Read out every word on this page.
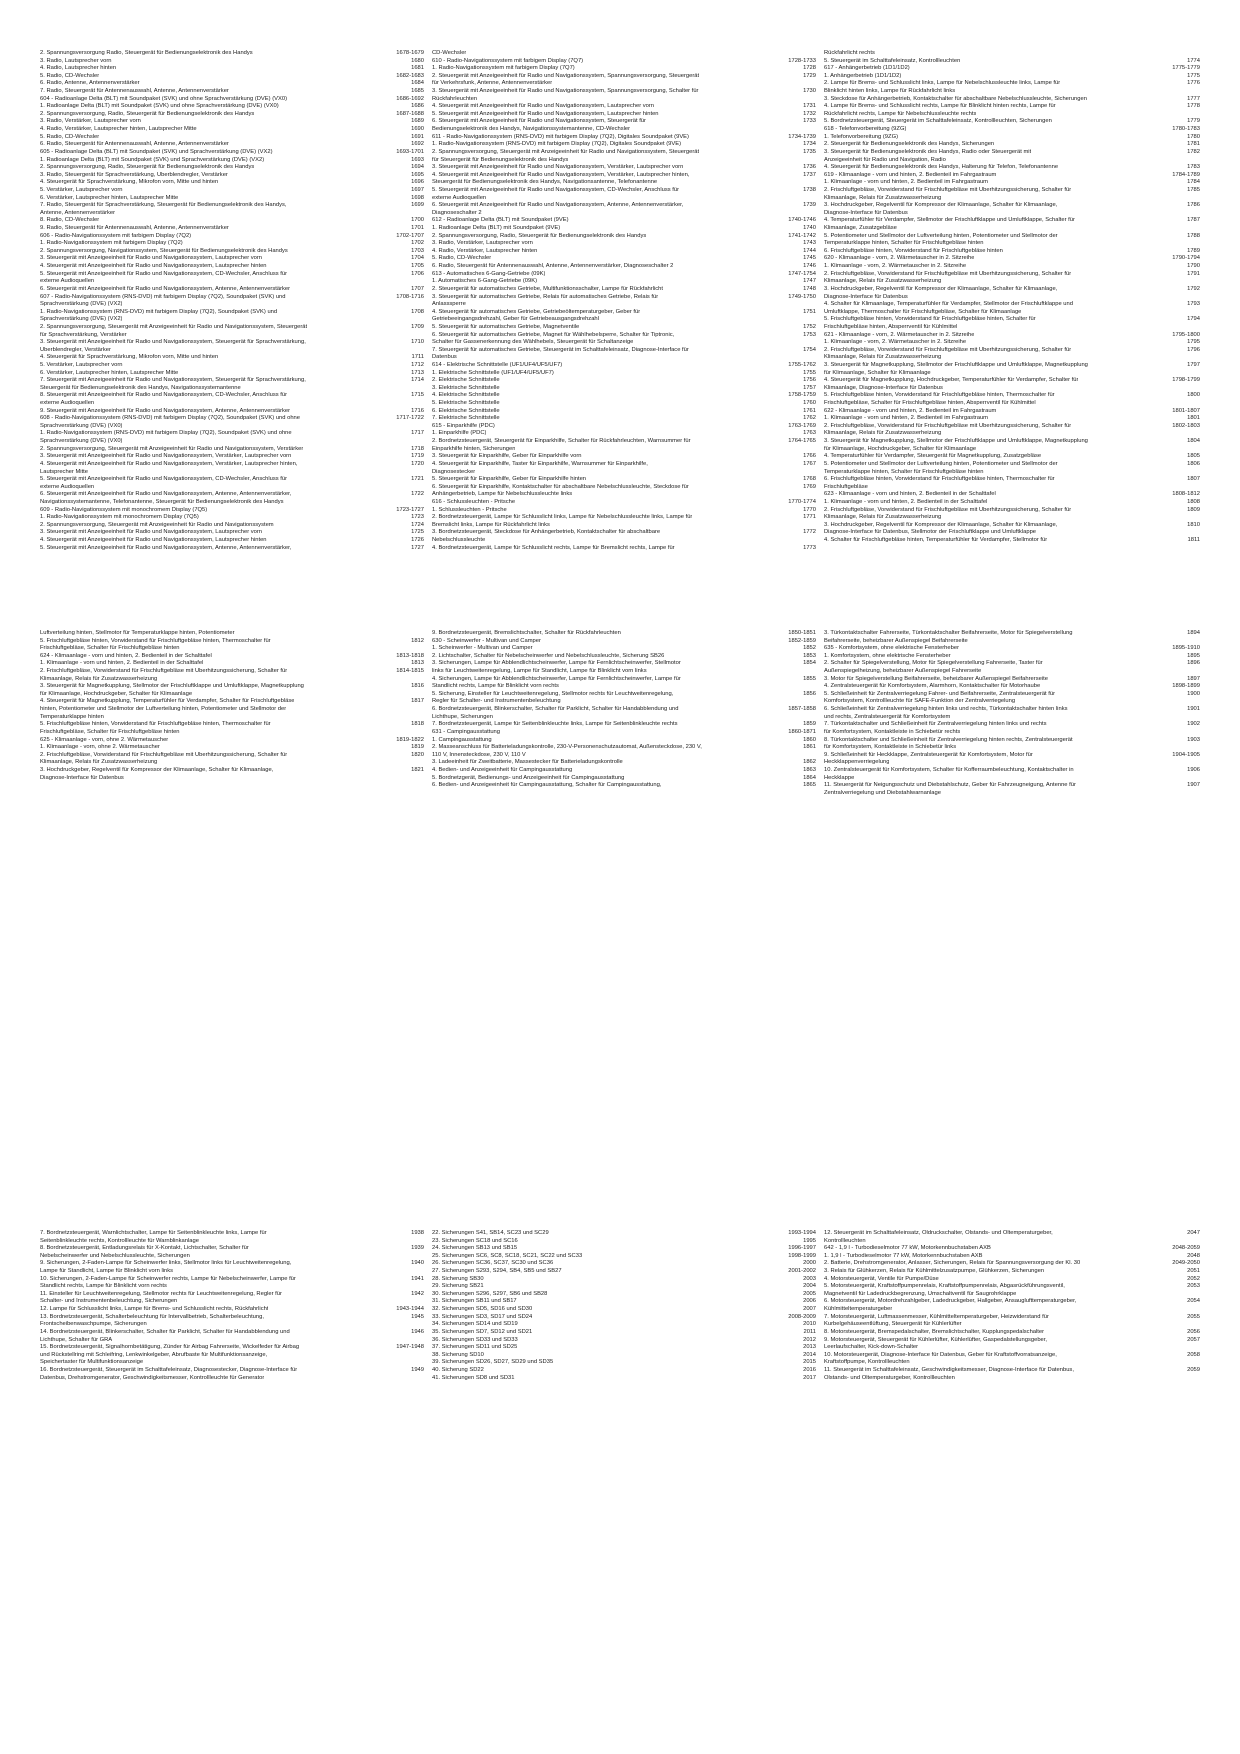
2. Spannungsversorgung Radio, Steuergerät für Bedienungselektronik des Handys	1678-1679
3. Radio, Lautsprecher vorn	1680
4. Radio, Lautsprecher hinten	1681
5. Radio, CD-Wechsler	1682-1683
6. Radio, Antenne, Antennenverstärker	1684
7. Radio, Steuergerät für Antennenauswahl, Antenne, Antennenverstärker	1685
604 - Radioanlage Delta (BLT) mit Soundpaket (SVK) und ohne Sprachverstärkung (DVE) (VX0)	1686-1692
1. Radioanlage Delta (BLT) mit Soundpaket (SVK) und ohne Sprachverstärkung (DVE) (VX0)	1686
2. Spannungsversorgung, Radio, Steuergerät für Bedienungselektronik des Handys	1687-1688
3. Radio, Verstärker, Lautsprecher vorn	1689
4. Radio, Verstärker, Lautsprecher hinten, Lautsprecher Mitte	1690
5. Radio, CD-Wechsler	1691
6. Radio, Steuergerät für Antennenauswahl, Antenne, Antennenverstärker	1692
605 - Radioanlage Delta (BLT) mit Soundpaket (SVK) und Sprachverstärkung (DVE) (VX2)	1693-1701
1. Radioanlage Delta (BLT) mit Soundpaket (SVK) und Sprachverstärkung (DVE) (VX2)	1693
2. Spannungsversorgung, Radio, Steuergerät für Bedienungselektronik des Handys	1694
3. Radio, Steuergerät für Sprachverstärkung, Überblendregler, Verstärker	1695
4. Steuergerät für Sprachverstärkung, Mikrofon vorn, Mitte und hinten	1696
5. Verstärker, Lautsprecher vorn	1697
6. Verstärker, Lautsprecher hinten, Lautsprecher Mitte	1698
7. Radio, Steuergerät für Sprachverstärkung, Steuergerät für Bedienungselektronik des Handys,	1699
Antenne, Antennenverstärker
8. Radio, CD-Wechsler	1700
9. Radio, Steuergerät für Antennenauswahl, Antenne, Antennenverstärker	1701
606 - Radio-Navigationssystem mit farbigem Display (7Q2)	1702-1707
1. Radio-Navigationssystem mit farbigem Display (7Q2)	1702
2. Spannungsversorgung, Navigationssystem, Steuergerät für Bedienungselektronik des Handys	1703
3. Steuergerät mit Anzeigeeinheit für Radio und Navigationssystem, Lautsprecher vorn	1704
4. Steuergerät mit Anzeigeeinheit für Radio und Navigationssystem, Lautsprecher hinten	1705
5. Steuergerät mit Anzeigeeinheit für Radio und Navigationssystem, CD-Wechsler, Anschluss für	1706
externe Audioquellen
6. Steuergerät mit Anzeigeeinheit für Radio und Navigationssystem, Antenne, Antennenverstärker	1707
607 - Radio-Navigationssystem (RNS-DVD) mit farbigem Display (7Q2), Soundpaket (SVK) und	1708-1716
Sprachverstärkung (DVE) (VX2)
1. Radio-Navigationssystem (RNS-DVD) mit farbigem Display (7Q2), Soundpaket (SVK) und	1708
Sprachverstärkung (DVE) (VX2)
2. Spannungsversorgung, Steuergerät mit Anzeigeeinheit für Radio und Navigationssystem, Steuergerät	1709
für Sprachverstärkung, Verstärker
3. Steuergerät mit Anzeigeeinheit für Radio und Navigationssystem, Steuergerät für Sprachverstärkung,	1710
Überblendregler, Verstärker
4. Steuergerät für Sprachverstärkung, Mikrofon vorn, Mitte und hinten	1711
5. Verstärker, Lautsprecher vorn	1712
6. Verstärker, Lautsprecher hinten, Lautsprecher Mitte	1713
7. Steuergerät mit Anzeigeeinheit für Radio und Navigationssystem, Steuergerät für Sprachverstärkung,	1714
Steuergerät für Bedienungselektronik des Handys, Navigationssystemantenne
8. Steuergerät mit Anzeigeeinheit für Radio und Navigationssystem, CD-Wechsler, Anschluss für	1715
externe Audioquellen
9. Steuergerät mit Anzeigeeinheit für Radio und Navigationssystem, Antenne, Antennenverstärker	1716
608 - Radio-Navigationssystem (RNS-DVD) mit farbigem Display (7Q2), Soundpaket (SVK) und ohne	1717-1722
Sprachverstärkung (DVE) (VX0)
1. Radio-Navigationssystem (RNS-DVD) mit farbigem Display (7Q2), Soundpaket (SVK) und ohne	1717
Sprachverstärkung (DVE) (VX0)
2. Spannungsversorgung, Steuergerät mit Anzeigeeinheit für Radio und Navigationssystem, Verstärker	1718
3. Steuergerät mit Anzeigeeinheit für Radio und Navigationssystem, Verstärker, Lautsprecher vorn	1719
4. Steuergerät mit Anzeigeeinheit für Radio und Navigationssystem, Verstärker, Lautsprecher hinten,	1720
Lautsprecher Mitte
5. Steuergerät mit Anzeigeeinheit für Radio und Navigationssystem, CD-Wechsler, Anschluss für	1721
externe Audioquellen
6. Steuergerät mit Anzeigeeinheit für Radio und Navigationssystem, Antenne, Antennenverstärker,	1722
Navigationssystemantenne, Telefonantenne, Steuergerät für Bedienungselektronik des Handys
609 - Radio-Navigationssystem mit monochromem Display (7Q5)	1723-1727
1. Radio-Navigationssystem mit monochromem Display (7Q5)	1723
2. Spannungsversorgung, Steuergerät mit Anzeigeeinheit für Radio und Navigationssystem	1724
3. Steuergerät mit Anzeigeeinheit für Radio und Navigationssystem, Lautsprecher vorn	1725
4. Steuergerät mit Anzeigeeinheit für Radio und Navigationssystem, Lautsprecher hinten	1726
5. Steuergerät mit Anzeigeeinheit für Radio und Navigationssystem, Antenne, Antennenverstärker,	1727
CD-Wechsler
610 - Radio-Navigationssystem mit farbigem Display (7Q7)	1728-1733
1. Radio-Navigationssystem mit farbigem Display (7Q7)	1728
2. Steuergerät mit Anzeigeeinheit für Radio und Navigationssystem, Spannungsversorgung, Steuergerät	1729
für Verkehrsfunk, Antenne, Antennenverstärker
3. Steuergerät mit Anzeigeeinheit für Radio und Navigationssystem, Spannungsversorgung, Schalter für	1730
Rückfahrleuchten
4. Steuergerät mit Anzeigeeinheit für Radio und Navigationssystem, Lautsprecher vorn	1731
5. Steuergerät mit Anzeigeeinheit für Radio und Navigationssystem, Lautsprecher hinten	1732
6. Steuergerät mit Anzeigeeinheit für Radio und Navigationssystem, Steuergerät für	1733
Bedienungselektronik des Handys, Navigationssystemantenne, CD-Wechsler
611 - Radio-Navigationssystem (RNS-DVD) mit farbigem Display (7Q2), Digitales Soundpaket (9VE)	1734-1739
1. Radio-Navigationssystem (RNS-DVD) mit farbigem Display (7Q2), Digitales Soundpaket (9VE)	1734
2. Spannungsversorgung, Steuergerät mit Anzeigeeinheit für Radio und Navigationssystem, Steuergerät	1735
für Steuergerät für Bedienungselektronik des Handys
3. Steuergerät mit Anzeigeeinheit für Radio und Navigationssystem, Verstärker, Lautsprecher vorn	1736
4. Steuergerät mit Anzeigeeinheit für Radio und Navigationssystem, Verstärker, Lautsprecher hinten,	1737
Steuergerät für Bedienungselektronik des Handys, Navigationsantenne, Telefonantenne
5. Steuergerät mit Anzeigeeinheit für Radio und Navigationssystem, CD-Wechsler, Anschluss für	1738
externe Audioquellen
6. Steuergerät mit Anzeigeeinheit für Radio und Navigationssystem, Antenne, Antennenverstärker,	1739
Diagnoseschalter 2
612 - Radioanlage Delta (BLT) mit Soundpaket (9VE)	1740-1746
1. Radioanlage Delta (BLT) mit Soundpaket (9VE)	1740
2. Spannungsversorgung, Radio, Steuergerät für Bedienungselektronik des Handys	1741-1742
3. Radio, Verstärker, Lautsprecher vorn	1743
4. Radio, Verstärker, Lautsprecher hinten	1744
5. Radio, CD-Wechsler	1745
6. Radio, Steuergerät für Antennenauswahl, Antenne, Antennenverstärker, Diagnoseschalter 2	1746
613 - Automatisches 6-Gang-Getriebe (09K)	1747-1754
1. Automatisches 6-Gang-Getriebe (09K)	1747
2. Steuergerät für automatisches Getriebe, Multifunktionsschalter, Lampe für Rückfahrlicht	1748
3. Steuergerät für automatisches Getriebe, Relais für automatisches Getriebe, Relais für	1749-1750
Anlasssperre
4. Steuergerät für automatisches Getriebe, Getriebeöltemperaturgeber, Geber für	1751
Getriebeeingangsdrehzahl, Geber für Getriebeausgangsdrehzahl
5. Steuergerät für automatisches Getriebe, Magnetventile	1752
6. Steuergerät für automatisches Getriebe, Magnet für Wählhebelsperre, Schalter für Tiptronic,	1753
Schalter für Gassenerkennung des Wählhebels, Steuergerät für Schaltanzeige
7. Steuergerät für automatisches Getriebe, Steuergerät im Schalttafeleinsatz, Diagnose-Interface für	1754
Datenbus
614 - Elektrische Schnittstelle (UF1/UF4/UF5/UF7)	1755-1762
1. Elektrische Schnittstelle (UF1/UF4/UF5/UF7)	1755
2. Elektrische Schnittstelle	1756
3. Elektrische Schnittstelle	1757
4. Elektrische Schnittstelle	1758-1759
5. Elektrische Schnittstelle	1760
6. Elektrische Schnittstelle	1761
7. Elektrische Schnittstelle	1762
615 - Einparkhilfe (PDC)	1763-1769
1. Einparkhilfe (PDC)	1763
2. Bordnetzsteuergerät, Steuergerät für Einparkhilfe, Schalter für Rückfahrleuchten, Warnsummer für	1764-1765
Einparkhilfe hinten, Sicherungen
3. Steuergerät für Einparkhilfe, Geber für Einparkhilfe vorn	1766
4. Steuergerät für Einparkhilfe, Taster für Einparkhilfe, Warnsummer für Einparkhilfe,	1767
Diagnosestecker
5. Steuergerät für Einparkhilfe, Geber für Einparkhilfe hinten	1768
6. Steuergerät für Einparkhilfe, Kontaktschalter für abschaltbare Nebelschlussleuchte, Steckdose für	1769
Anhängerbetrieb, Lampe für Nebelschlussleuchte links
616 - Schlussleuchten - Pritsche	1770-1774
1. Schlussleuchten - Pritsche	1770
2. Bordnetzsteuergerät, Lampe für Schlusslicht links, Lampe für Nebelschlussleuchte links, Lampe für	1771
Bremslicht links, Lampe für Rückfahrlicht links
3. Bordnetzsteuergerät, Steckdose für Anhängerbetrieb, Kontaktschalter für abschaltbare	1772
Nebelschlussleuchte
4. Bordnetzsteuergerät, Lampe für Schlusslicht rechts, Lampe für Bremslicht rechts, Lampe für	1773
Rückfahrlicht rechts
5. Steuergerät im Schalttafeleinsatz, Kontrollleuchten	1774
617 - Anhängerbetrieb (1D1/1D2)	1775-1779
1. Anhängerbetrieb (1D1/1D2)	1775
2. Lampe für Brems- und Schlusslicht links, Lampe für Nebelschlussleuchte links, Lampe für	1776
Blinklicht hinten links, Lampe für Rückfahrlicht links
3. Steckdose für Anhängerbetrieb, Kontaktschalter für abschaltbare Nebelschlussleuchte, Sicherungen	1777
4. Lampe für Brems- und Schlusslicht rechts, Lampe für Blinklicht hinten rechts, Lampe für	1778
Rückfahrlicht rechts, Lampe für Nebelschlussleuchte rechts
5. Bordnetzsteuergerät, Steuergerät im Schalttafeleinsatz, Kontrollleuchten, Sicherungen	1779
618 - Telefonvorbereitung (9ZG)	1780-1783
1. Telefonvorbereitung (9ZG)	1780
2. Steuergerät für Bedienungselektronik des Handys, Sicherungen	1781
3. Steuergerät für Bedienungselektronik des Handys, Radio oder Steuergerät mit	1782
Anzeigeeinheit für Radio und Navigation, Radio
4. Steuergerät für Bedienungselektronik des Handys, Halterung für Telefon, Telefonantenne	1783
619 - Klimaanlage - vorn und hinten, 2. Bedienteil im Fahrgastraum	1784-1789
1. Klimaanlage - vorn und hinten, 2. Bedienteil im Fahrgastraum	1784
2. Frischluftgebläse, Vorwiderstand für Frischluftgebläse mit Überhitzungssicherung, Schalter für	1785
Klimaanlage, Relais für Zusatzwasserheizung
3. Hochdruckgeber, Regelventil für Kompressor der Klimaanlage, Schalter für Klimaanlage,	1786
Diagnose-Interface für Datenbus
4. Temperaturfühler für Verdampfer, Stellmotor der Frischluftklappe und Umluftklappe, Schalter für	1787
Klimaanlage, Zusatzgebläse
5. Potentiometer und Stellmotor der Luftverteilung hinten, Potentiometer und Stellmotor der	1788
Temperaturklappe hinten, Schalter für Frischluftgebläse hinten
6. Frischluftgebläse hinten, Vorwiderstand für Frischluftgebläse hinten	1789
620 - Klimaanlage - vorn, 2. Wärmetauscher in 2. Sitzreihe	1790-1794
1. Klimaanlage - vorn, 2. Wärmetauscher in 2. Sitzreihe	1790
2. Frischluftgebläse, Vorwiderstand für Frischluftgebläse mit Überhitzungssicherung, Schalter für	1791
Klimaanlage, Relais für Zusatzwasserheizung
3. Hochdruckgeber, Regelventil für Kompressor der Klimaanlage, Schalter für Klimaanlage,	1792
Diagnose-Interface für Datenbus
4. Schalter für Klimaanlage, Temperaturfühler für Verdampfer, Stellmotor der Frischluftklappe und	1793
Umluftklappe, Thermoschalter für Frischluftgebläse, Schalter für Klimaanlage
5. Frischluftgebläse hinten, Vorwiderstand für Frischluftgebläse hinten, Schalter für	1794
Frischluftgebläse hinten, Absperrventil für Kühlmittel
621 - Klimaanlage - vorn, 2. Wärmetauscher in 2. Sitzreihe	1795-1800
1. Klimaanlage - vorn, 2. Wärmetauscher in 2. Sitzreihe	1795
2. Frischluftgebläse, Vorwiderstand für Frischluftgebläse mit Überhitzungssicherung, Schalter für	1796
Klimaanlage, Relais für Zusatzwasserheizung
3. Steuergerät für Magnetkupplung, Stellmotor der Frischluftklappe und Umluftklappe, Magnetkupplung	1797
für Klimaanlage, Schalter für Klimaanlage
4. Steuergerät für Magnetkupplung, Hochdruckgeber, Temperaturfühler für Verdampfer, Schalter für	1798-1799
Klimaanlage, Diagnose-Interface für Datenbus
5. Frischluftgebläse hinten, Vorwiderstand für Frischluftgebläse hinten, Thermoschalter für	1800
Frischluftgebläse, Schalter für Frischluftgebläse hinten, Absperrventil für Kühlmittel
622 - Klimaanlage - vorn und hinten, 2. Bedienteil im Fahrgastraum	1801-1807
1. Klimaanlage - vorn und hinten, 2. Bedienteil im Fahrgastraum	1801
2. Frischluftgebläse, Vorwiderstand für Frischluftgebläse mit Überhitzungssicherung, Schalter für	1802-1803
Klimaanlage, Relais für Zusatzwasserheizung
3. Steuergerät für Magnetkupplung, Stellmotor der Frischluftklappe und Umluftklappe, Magnetkupplung	1804
für Klimaanlage, Hochdruckgeber, Schalter für Klimaanlage
4. Temperaturfühler für Verdampfer, Steuergerät für Magnetkupplung, Zusatzgebläse	1805
5. Potentiometer und Stellmotor der Luftverteilung hinten, Potentiometer und Stellmotor der	1806
Temperaturklappe hinten, Schalter für Frischluftgebläse hinten
6. Frischluftgebläse hinten, Vorwiderstand für Frischluftgebläse hinten, Thermoschalter für	1807
Frischluftgebläse
623 - Klimaanlage - vorn und hinten, 2. Bedienteil in der Schalttafel	1808-1812
1. Klimaanlage - vorn und hinten, 2. Bedienteil in der Schalttafel	1808
2. Frischluftgebläse, Vorwiderstand für Frischluftgebläse mit Überhitzungssicherung, Schalter für	1809
Klimaanlage, Relais für Zusatzwasserheizung
3. Hochdruckgeber, Regelventil für Kompressor der Klimaanlage, Schalter für Klimaanlage,	1810
Diagnose-Interface für Datenbus, Stellmotor der Frischluftklappe und Umluftklappe
4. Schalter für Frischluftgebläse hinten, Temperaturfühler für Verdampfer, Stellmotor für	1811
Luftverteilung hinten, Stellmotor für Temperaturklappe hinten, Potentiometer
5. Frischluftgebläse hinten, Vorwiderstand für Frischluftgebläse hinten, Thermoschalter für	1812
Frischluftgebläse, Schalter für Frischluftgebläse hinten
624 - Klimaanlage - vorn und hinten, 2. Bedienteil in der Schalttafel	1813-1818
1. Klimaanlage - vorn und hinten, 2. Bedienteil in der Schalttafel	1813
2. Frischluftgebläse, Vorwiderstand für Frischluftgebläse mit Überhitzungssicherung, Schalter für	1814-1815
Klimaanlage, Relais für Zusatzwasserheizung
3. Steuergerät für Magnetkupplung, Stellmotor der Frischluftklappe und Umluftklappe, Magnetkupplung	1816
für Klimaanlage, Hochdruckgeber, Schalter für Klimaanlage
4. Steuergerät für Magnetkupplung, Temperaturfühler für Verdampfer, Schalter für Frischluftgebläse	1817
hinten, Potentiometer und Stellmotor der Luftverteilung hinten, Potentiometer und Stellmotor der
Temperaturklappe hinten
5. Frischluftgebläse hinten, Vorwiderstand für Frischluftgebläse hinten, Thermoschalter für	1818
Frischluftgebläse, Schalter für Frischluftgebläse hinten
625 - Klimaanlage - vorn, ohne 2. Wärmetauscher	1819-1822
1. Klimaanlage - vorn, ohne 2. Wärmetauscher	1819
2. Frischluftgebläse, Vorwiderstand für Frischluftgebläse mit Überhitzungssicherung, Schalter für	1820
Klimaanlage, Relais für Zusatzwasserheizung
3. Hochdruckgeber, Regelventil für Kompressor der Klimaanlage, Schalter für Klimaanlage,	1821
Diagnose-Interface für Datenbus
9. Bordnetzsteuergerät, Bremslichtschalter, Schalter für Rückfahrleuchten	1850-1851
630 - Scheinwerfer - Multivan und Camper	1852-1859
1. Scheinwerfer - Multivan und Camper	1852
2. Lichtschalter, Schalter für Nebelscheinwerfer und Nebelschlussleuchte, Sicherung SB26	1853
3. Sicherungen, Lampe für Abblendlichtscheinwerfer, Lampe für Fernlichtscheinwerfer, Stellmotor	1854
links für Leuchtweitenregelung, Lampe für Standlicht, Lampe für Blinklicht vorn links
4. Sicherungen, Lampe für Abblendlichtscheinwerfer, Lampe für Fernlichtscheinwerfer, Lampe für	1855
Standlicht rechts, Lampe für Blinklicht vorn rechts
5. Sicherung, Einsteller für Leuchtweitenregelung, Stellmotor rechts für Leuchtweitenregelung,	1856
Regler für Schalter- und Instrumentenbeleuchtung
6. Bordnetzsteuergerät, Blinkerschalter, Schalter für Parklicht, Schalter für Handabblendung und	1857-1858
Lichthupe, Sicherungen
7. Bordnetzsteuergerät, Lampe für Seitenblinkleuchte links, Lampe für Seitenblinkleuchte rechts	1859
631 - Campingausstattung	1860-1871
1. Campingausstattung	1860
2. Masseanschluss für Batterieladungskontrolle, 230-V-Personenschutzautomat, Außensteckdose, 230 V,	1861
110 V, Innensteckdose, 230 V, 110 V
3. Ladeeinheit für Zweitbatterie, Massestecker für Batterieladungskontrolle	1862
4. Bedien- und Anzeigeeinheit für Campingausstattung	1863
5. Bordnetzgerät, Bedienungs- und Anzeigeeinheit für Campingausstattung	1864
6. Bedien- und Anzeigeeinheit für Campingausstattung, Schalter für Campingausstattung,	1865
3. Türkontaktschalter Fahrerseite, Türkontaktschalter Beifahrerseite, Motor für Spiegelverstellung	1894
Beifahrerseite, beheizbarer Außenspiegel Beifahrerseite
635 - Komfortsystem, ohne elektrische Fensterheber	1895-1910
1. Komfortsystem, ohne elektrische Fensterheber	1895
2. Schalter für Spiegelverstellung, Motor für Spiegelverstellung Fahrerseite, Taster für	1896
Außenspiegelheizung, beheizbarer Außenspiegel Fahrerseite
3. Motor für Spiegelverstellung Beifahrerseite, beheizbarer Außenspiegel Beifahrerseite	1897
4. Zentralsteuergerät für Komfortsystem, Alarmhorn, Kontaktschalter für Motorhaube	1898-1899
5. Schließeinheit für Zentralverriegelung Fahrer- und Beifahrerseite, Zentralsteuergerät für	1900
Komfortsystem, Kontrollleuchte für SAFE-Funktion der Zentralverriegelung
6. Schließeinheit für Zentralverriegelung hinten links und rechts, Türkontaktschalter hinten links	1901
und rechts, Zentralsteuergerät für Komfortsystem
7. Türkontaktschalter und Schließeinheit für Zentralverriegelung hinten links und rechts	1902
für Komfortsystem, Kontaktleiste in Schiebetür rechts
8. Türkontaktschalter und Schließeinheit für Zentralverriegelung hinten rechts, Zentralsteuergerät	1903
für Komfortsystem, Kontaktleiste in Schiebetür links
9. Schließeinheit für Heckklappe, Zentralsteuergerät für Komfortsystem, Motor für	1904-1905
Heckklappenverriegelung
10. Zentralsteuergerät für Komfortsystem, Schalter für Kofferraumbeleuchtung, Kontaktschalter in	1906
Heckklappe
11. Steuergerät für Neigungsschutz und Diebstahlschutz, Geber für Fahrzeugneigung, Antenne für	1907
Zentralverriegelung und Diebstahlwarnanlage
7. Bordnetzsteuergerät, Warnlichtschalter, Lampe für Seitenblinkleuchte links, Lampe für	1938
Seitenblinkleuchte rechts, Kontrollleuchte für Warnblinkanlage
8. Bordnetzsteuergerät, Entladungsrelais für X-Kontakt, Lichtschalter, Schalter für	1939
Nebelscheinwerfer und Nebelschlussleuchte, Sicherungen
9. Sicherungen, 2-Faden-Lampe für Scheinwerfer links, Stellmotor links für Leuchtweitenregelung,	1940
Lampe für Standlicht, Lampe für Blinklicht vorn links
10. Sicherungen, 2-Faden-Lampe für Scheinwerfer rechts, Lampe für Nebelscheinwerfer, Lampe für	1941
Standlicht rechts, Lampe für Blinklicht vorn rechts
11. Einsteller für Leuchtweitenregelung, Stellmotor rechts für Leuchtweitenregelung, Regler für	1942
Schalter- und Instrumentenbeleuchtung, Sicherungen
12. Lampe für Schlusslicht links, Lampe für Brems- und Schlusslicht rechts, Rückfahrlicht	1943-1944
13. Bordnetzsteuergerät, Schalterbeleuchtung für Intervallbetrieb, Schalterbeleuchtung,	1945
Frontscheibenwaschpumpe, Sicherungen
14. Bordnetzsteuergerät, Blinkerschalter, Schalter für Parklicht, Schalter für Handabblendung und	1946
Lichthupe, Schalter für GRA
15. Bordnetzsteuergerät, Signalhornbetätigung, Zünder für Airbag Fahrerseite, Wickelfeder für Airbag	1947-1948
und Rückstellring mit Schleifring, Lenkwinkelgeber, Abrufbaste für Multifunktionsanzeige,
Speichertaster für Multifunktionsanzeige
16. Bordnetzsteuergerät, Steuergerät im Schalttafeleinsatz, Diagnosestecker, Diagnose-Interface für	1949
Datenbus, Drehstromgenerator, Geschwindigkeitsmesser, Kontrollleuchte für Generator
22. Sicherungen S41, SB14, SC23 und SC29	1993-1994
23. Sicherungen SC18 und SC16	1995
24. Sicherungen SB13 und SB15	1996-1997
25. Sicherungen SC6, SC8, SC18, SC21, SC22 und SC33	1998-1999
26. Sicherungen SC36, SC37, SC30 und SC36	2000
27. Sicherungen S293, S294, SB4, SB5 und SB27	2001-2002
28. Sicherung SB30	2003
29. Sicherung SB21	2004
30. Sicherungen S296, S297, SB6 und SB28	2005
31. Sicherungen SB11 und SB17	2006
32. Sicherungen SD5, SD16 und SD30	2007
33. Sicherungen SD3, SD17 und SD24	2008-2009
34. Sicherungen SD14 und SD19	2010
35. Sicherungen SD7, SD12 und SD21	2011
36. Sicherungen SD33 und SD33	2012
37. Sicherungen SD11 und SD25	2013
38. Sicherung SD10	2014
39. Sicherungen SD26, SD27, SD29 und SD35	2015
40. Sicherung SD22	2016
41. Sicherungen SD8 und SD31	2017
12. Steuergerät im Schalttafeleinsatz, Öldruckschalter, Ölstands- und Öltemperaturgeber,	2047
Kontrollleuchten
642 - 1,9 l - Turbodieselmotor 77 kW, Motorkennbuchstaben AXB	2048-2059
1. 1,9 l - Turbodieselmotor 77 kW, Motorkennbuchstaben AXB	2048
2. Batterie, Drehstromgenerator, Anlasser, Sicherungen, Relais für Spannungsversorgung der Kl. 30	2049-2050
3. Relais für Glühkerzen, Relais für Kühlmittelzusatzpumpe, Glühkerzen, Sicherungen	2051
4. Motorsteuergerät, Ventile für Pumpe/Düse	2052
5. Motorsteuergerät, Kraftstoffpumpenrelais, Kraftstoffpumpenrelais, Abgasrückführungsventil,	2053
Magnetventil für Ladedruckbegrenzung, Umschaltventil für Saugrohrklappe
6. Motorsteuergerät, Motordrehzahlgeber, Ladedruckgeber, Hallgeber, Ansauglufttemperaturgeber,	2054
Kühlmitteltemperaturgeber
7. Motorsteuergerät, Luftmassenmesser, Kühlmitteltemperaturgeber, Heizwiderstand für	2055
Kurbelgehäuseentlüftung, Steuergerät für Kühlerlüfter
8. Motorsteuergerät, Bremspedalschalter, Bremslichtschalter, Kupplungspedalschalter	2056
9. Motorsteuergerät, Steuergerät für Kühlerlüfter, Kühlerlüfter, Gaspedalstellungsgeber,	2057
Leerlaufschalter, Kick-down-Schalter
10. Motorsteuergerät, Diagnose-Interface für Datenbus, Geber für Kraftstoffvorratsanzeige,	2058
Kraftstoffpumpe, Kontrollleuchten
11. Steuergerät im Schalttafeleinsatz, Geschwindigkeitsmesser, Diagnose-Interface für Datenbus,	2059
Ölstands- und Öltemperaturgeber, Kontrollleuchten
